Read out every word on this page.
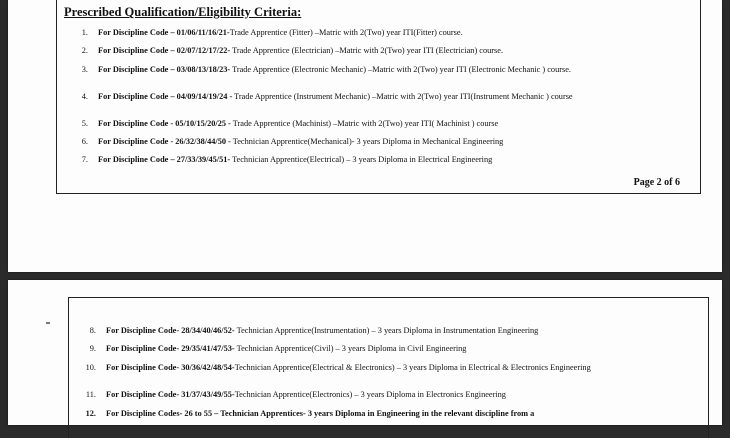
Prescribed Qualification/Eligibility Criteria:
1. For Discipline Code – 01/06/11/16/21-Trade Apprentice (Fitter) –Matric with 2(Two) year ITI(Fitter) course.
2. For Discipline Code – 02/07/12/17/22- Trade Apprentice (Electrician) –Matric with 2(Two) year ITI (Electrician) course.
3. For Discipline Code – 03/08/13/18/23- Trade Apprentice (Electronic Mechanic) –Matric with 2(Two) year ITI (Electronic Mechanic ) course.
4. For Discipline Code – 04/09/14/19/24 - Trade Apprentice (Instrument Mechanic) –Matric with 2(Two) year ITI(Instrument Mechanic ) course
5. For Discipline Code - 05/10/15/20/25 - Trade Apprentice (Machinist) –Matric with 2(Two) year ITI( Machinist ) course
6. For Discipline Code - 26/32/38/44/50 - Technician Apprentice(Mechanical)- 3 years Diploma in Mechanical Engineering
7. For Discipline Code – 27/33/39/45/51- Technician Apprentice(Electrical) – 3 years Diploma in Electrical Engineering
Page 2 of 6
8. For Discipline Code- 28/34/40/46/52- Technician Apprentice(Instrumentation) – 3 years Diploma in Instrumentation Engineering
9. For Discipline Code- 29/35/41/47/53- Technician Apprentice(Civil) – 3 years Diploma in Civil Engineering
10. For Discipline Code- 30/36/42/48/54-Technician Apprentice(Electrical & Electronics) – 3 years Diploma in Electrical & Electronics Engineering
11. For Discipline Code- 31/37/43/49/55-Technician Apprentice(Electronics) – 3 years Diploma in Electronics Engineering
12. For Discipline Codes- 26 to 55 – Technician Apprentices- 3 years Diploma in Engineering in the relevant discipline from a
